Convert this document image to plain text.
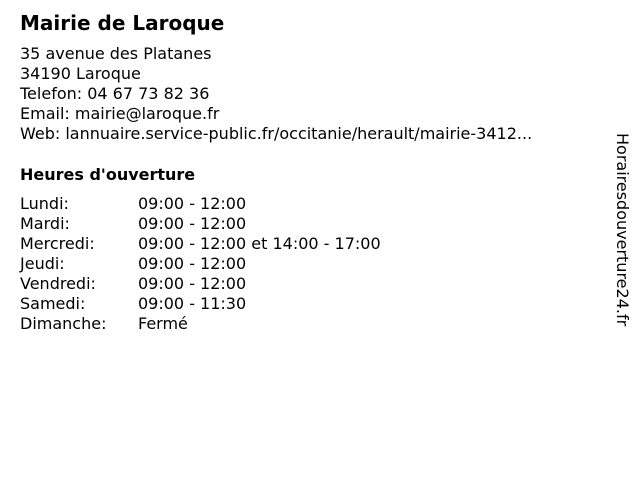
Mairie de Laroque
35 avenue des Platanes
34190 Laroque
Telefon: 04 67 73 82 36
Email: mairie@laroque.fr
Web: lannuaire.service-public.fr/occitanie/herault/mairie-3412...
Heures d'ouverture
Lundi:	09:00 - 12:00
Mardi:	09:00 - 12:00
Mercredi:	09:00 - 12:00 et 14:00 - 17:00
Jeudi:	09:00 - 12:00
Vendredi:	09:00 - 12:00
Samedi:	09:00 - 11:30
Dimanche:	Fermé	Horairesdouverture24.fr
